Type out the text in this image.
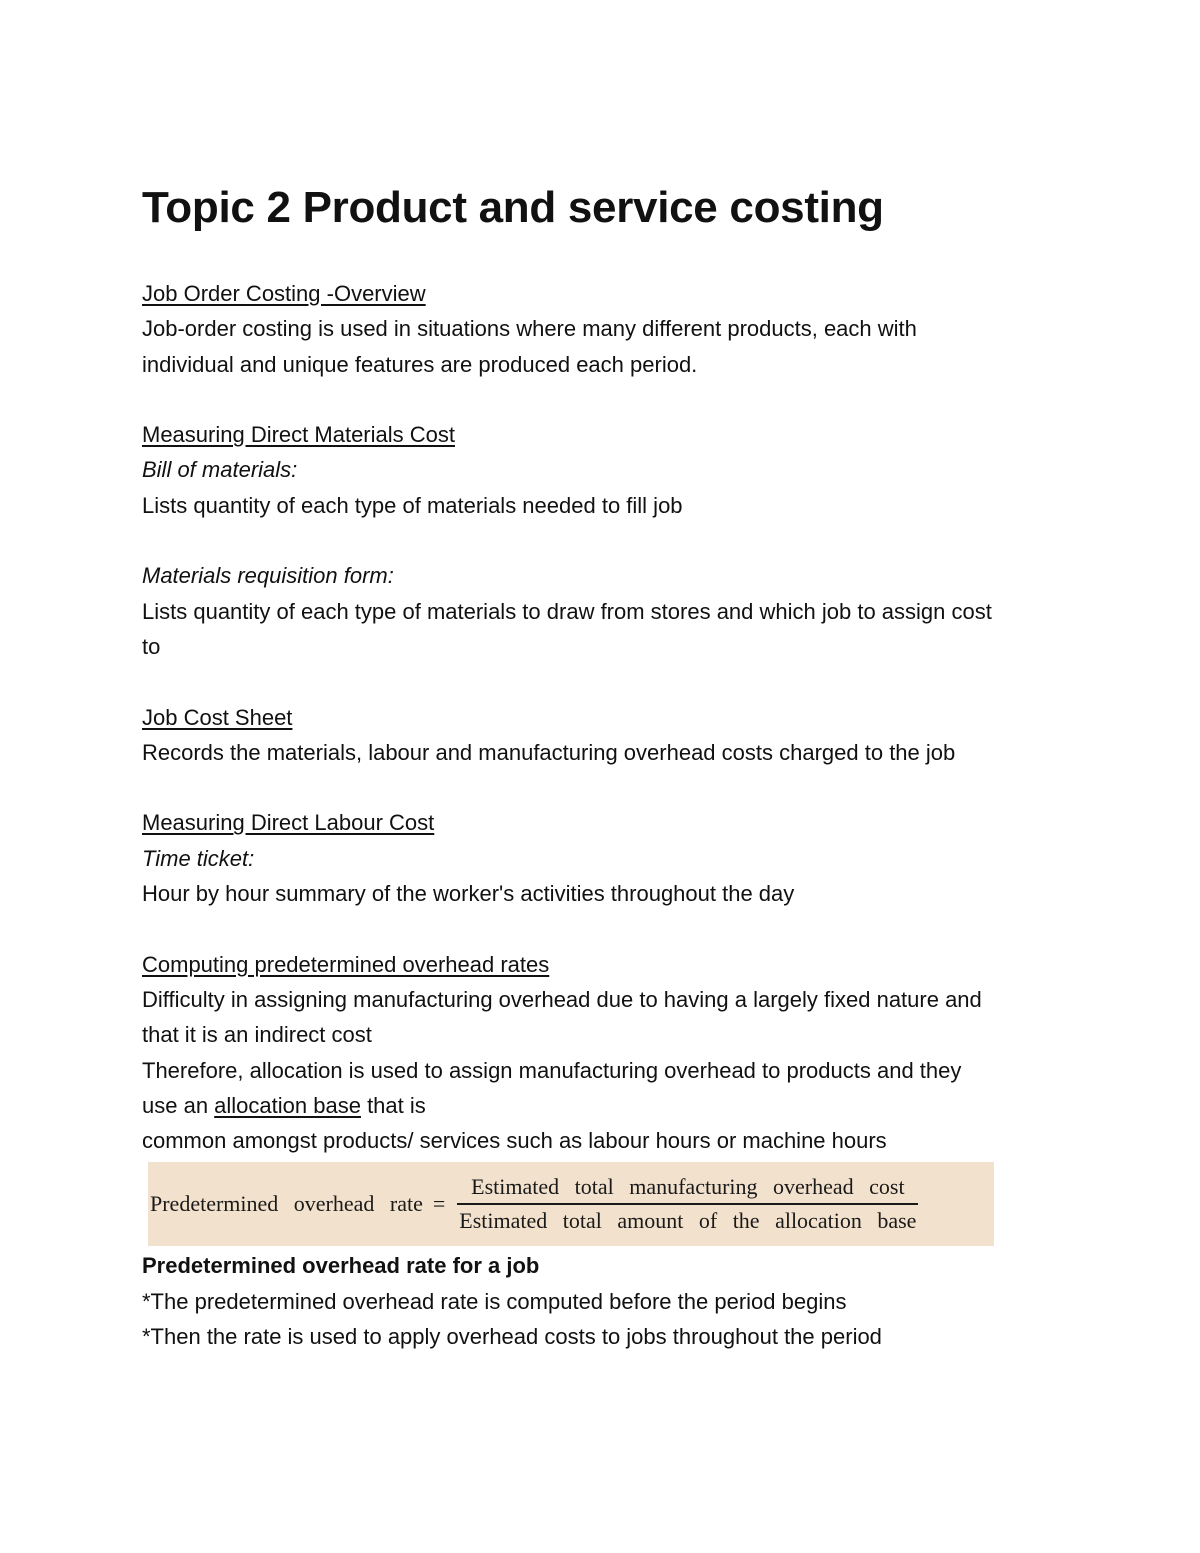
Topic 2 Product and service costing

Job Order Costing -Overview

Job-order costing is used in situations where many different products, each with

individual and unique features are produced each period.

Measuring Direct Materials Cost

Bill of materials:

Lists quantity of each type of materials needed to fill job

Materials requisition form:

Lists quantity of each type of materials to draw from stores and which job to assign cost

to

Job Cost Sheet

Records the materials, labour and manufacturing overhead costs charged to the job

Measuring Direct Labour Cost

Time ticket:

Hour by hour summary of the worker's activities throughout the day

Computing predetermined overhead rates

Difficulty in assigning manufacturing overhead due to having a largely fixed nature and

that it is an indirect cost

Therefore, allocation is used to assign manufacturing overhead to products and they

use an allocation base that is

common amongst products/ services such as labour hours or machine hours

Predetermined overhead rate = $\frac{\text{Estimated total manufacturing overhead cost}}{\text{Estimated total amount of the allocation base}}$

Predetermined overhead rate for a job

*The predetermined overhead rate is computed before the period begins

*Then the rate is used to apply overhead costs to jobs throughout the period
